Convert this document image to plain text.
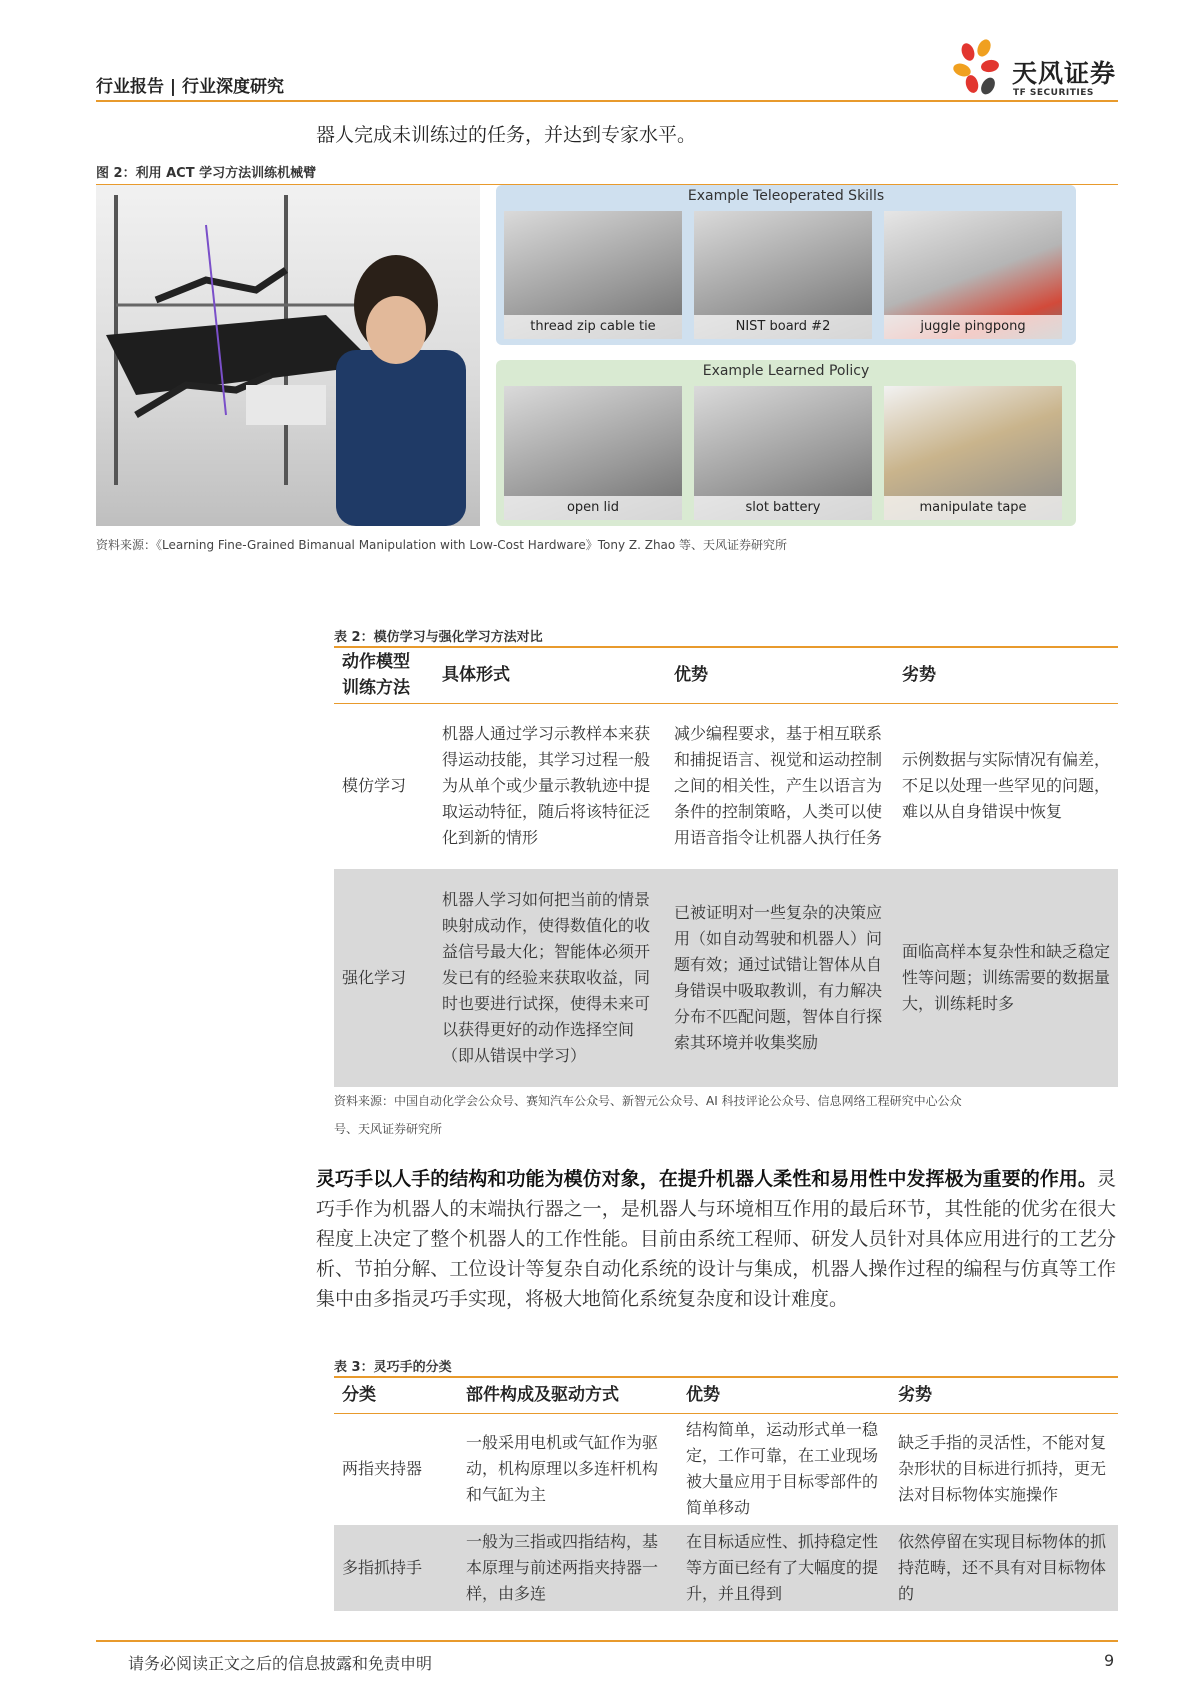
行业报告 | 行业深度研究	天风证券
TF SECURITIES
器人完成未训练过的任务，并达到专家水平。
图 2：利用 ACT 学习方法训练机械臂
Example Teleoperated Skills
thread zip cable tie	NIST board #2	juggle pingpong
Example Learned Policy
open lid	slot battery	manipulate tape
资料来源：《Learning Fine-Grained Bimanual Manipulation with Low-Cost Hardware》Tony Z. Zhao 等、天风证券研究所
表 2：模仿学习与强化学习方法对比
动作模型训练方法	具体形式	优势	劣势
模仿学习	机器人通过学习示教样本来获得运动技能，其学习过程一般为从单个或少量示教轨迹中提取运动特征，随后将该特征泛化到新的情形	减少编程要求，基于相互联系和捕捉语言、视觉和运动控制之间的相关性，产生以语言为条件的控制策略，人类可以使用语音指令让机器人执行任务	示例数据与实际情况有偏差，不足以处理一些罕见的问题，难以从自身错误中恢复
强化学习	机器人学习如何把当前的情景映射成动作，使得数值化的收益信号最大化；智能体必须开发已有的经验来获取收益，同时也要进行试探，使得未来可以获得更好的动作选择空间（即从错误中学习）	已被证明对一些复杂的决策应用（如自动驾驶和机器人）问题有效；通过试错让智体从自身错误中吸取教训，有力解决分布不匹配问题，智体自行探索其环境并收集奖励	面临高样本复杂性和缺乏稳定性等问题；训练需要的数据量大，训练耗时多
资料来源：中国自动化学会公众号、赛知汽车公众号、新智元公众号、AI 科技评论公众号、信息网络工程研究中心公众
号、天风证券研究所
灵巧手以人手的结构和功能为模仿对象，在提升机器人柔性和易用性中发挥极为重要的作用。灵巧手作为机器人的末端执行器之一，是机器人与环境相互作用的最后环节，其性能的优劣在很大程度上决定了整个机器人的工作性能。目前由系统工程师、研发人员针对具体应用进行的工艺分析、节拍分解、工位设计等复杂自动化系统的设计与集成，机器人操作过程的编程与仿真等工作集中由多指灵巧手实现，将极大地简化系统复杂度和设计难度。
表 3：灵巧手的分类
分类	部件构成及驱动方式	优势	劣势
两指夹持器	一般采用电机或气缸作为驱动，机构原理以多连杆机构和气缸为主	结构简单，运动形式单一稳定，工作可靠，在工业现场被大量应用于目标零部件的简单移动	缺乏手指的灵活性，不能对复杂形状的目标进行抓持，更无法对目标物体实施操作
多指抓持手	一般为三指或四指结构，基本原理与前述两指夹持器一样，由多连	在目标适应性、抓持稳定性等方面已经有了大幅度的提升，并且得到	依然停留在实现目标物体的抓持范畴，还不具有对目标物体的
请务必阅读正文之后的信息披露和免责申明	9
